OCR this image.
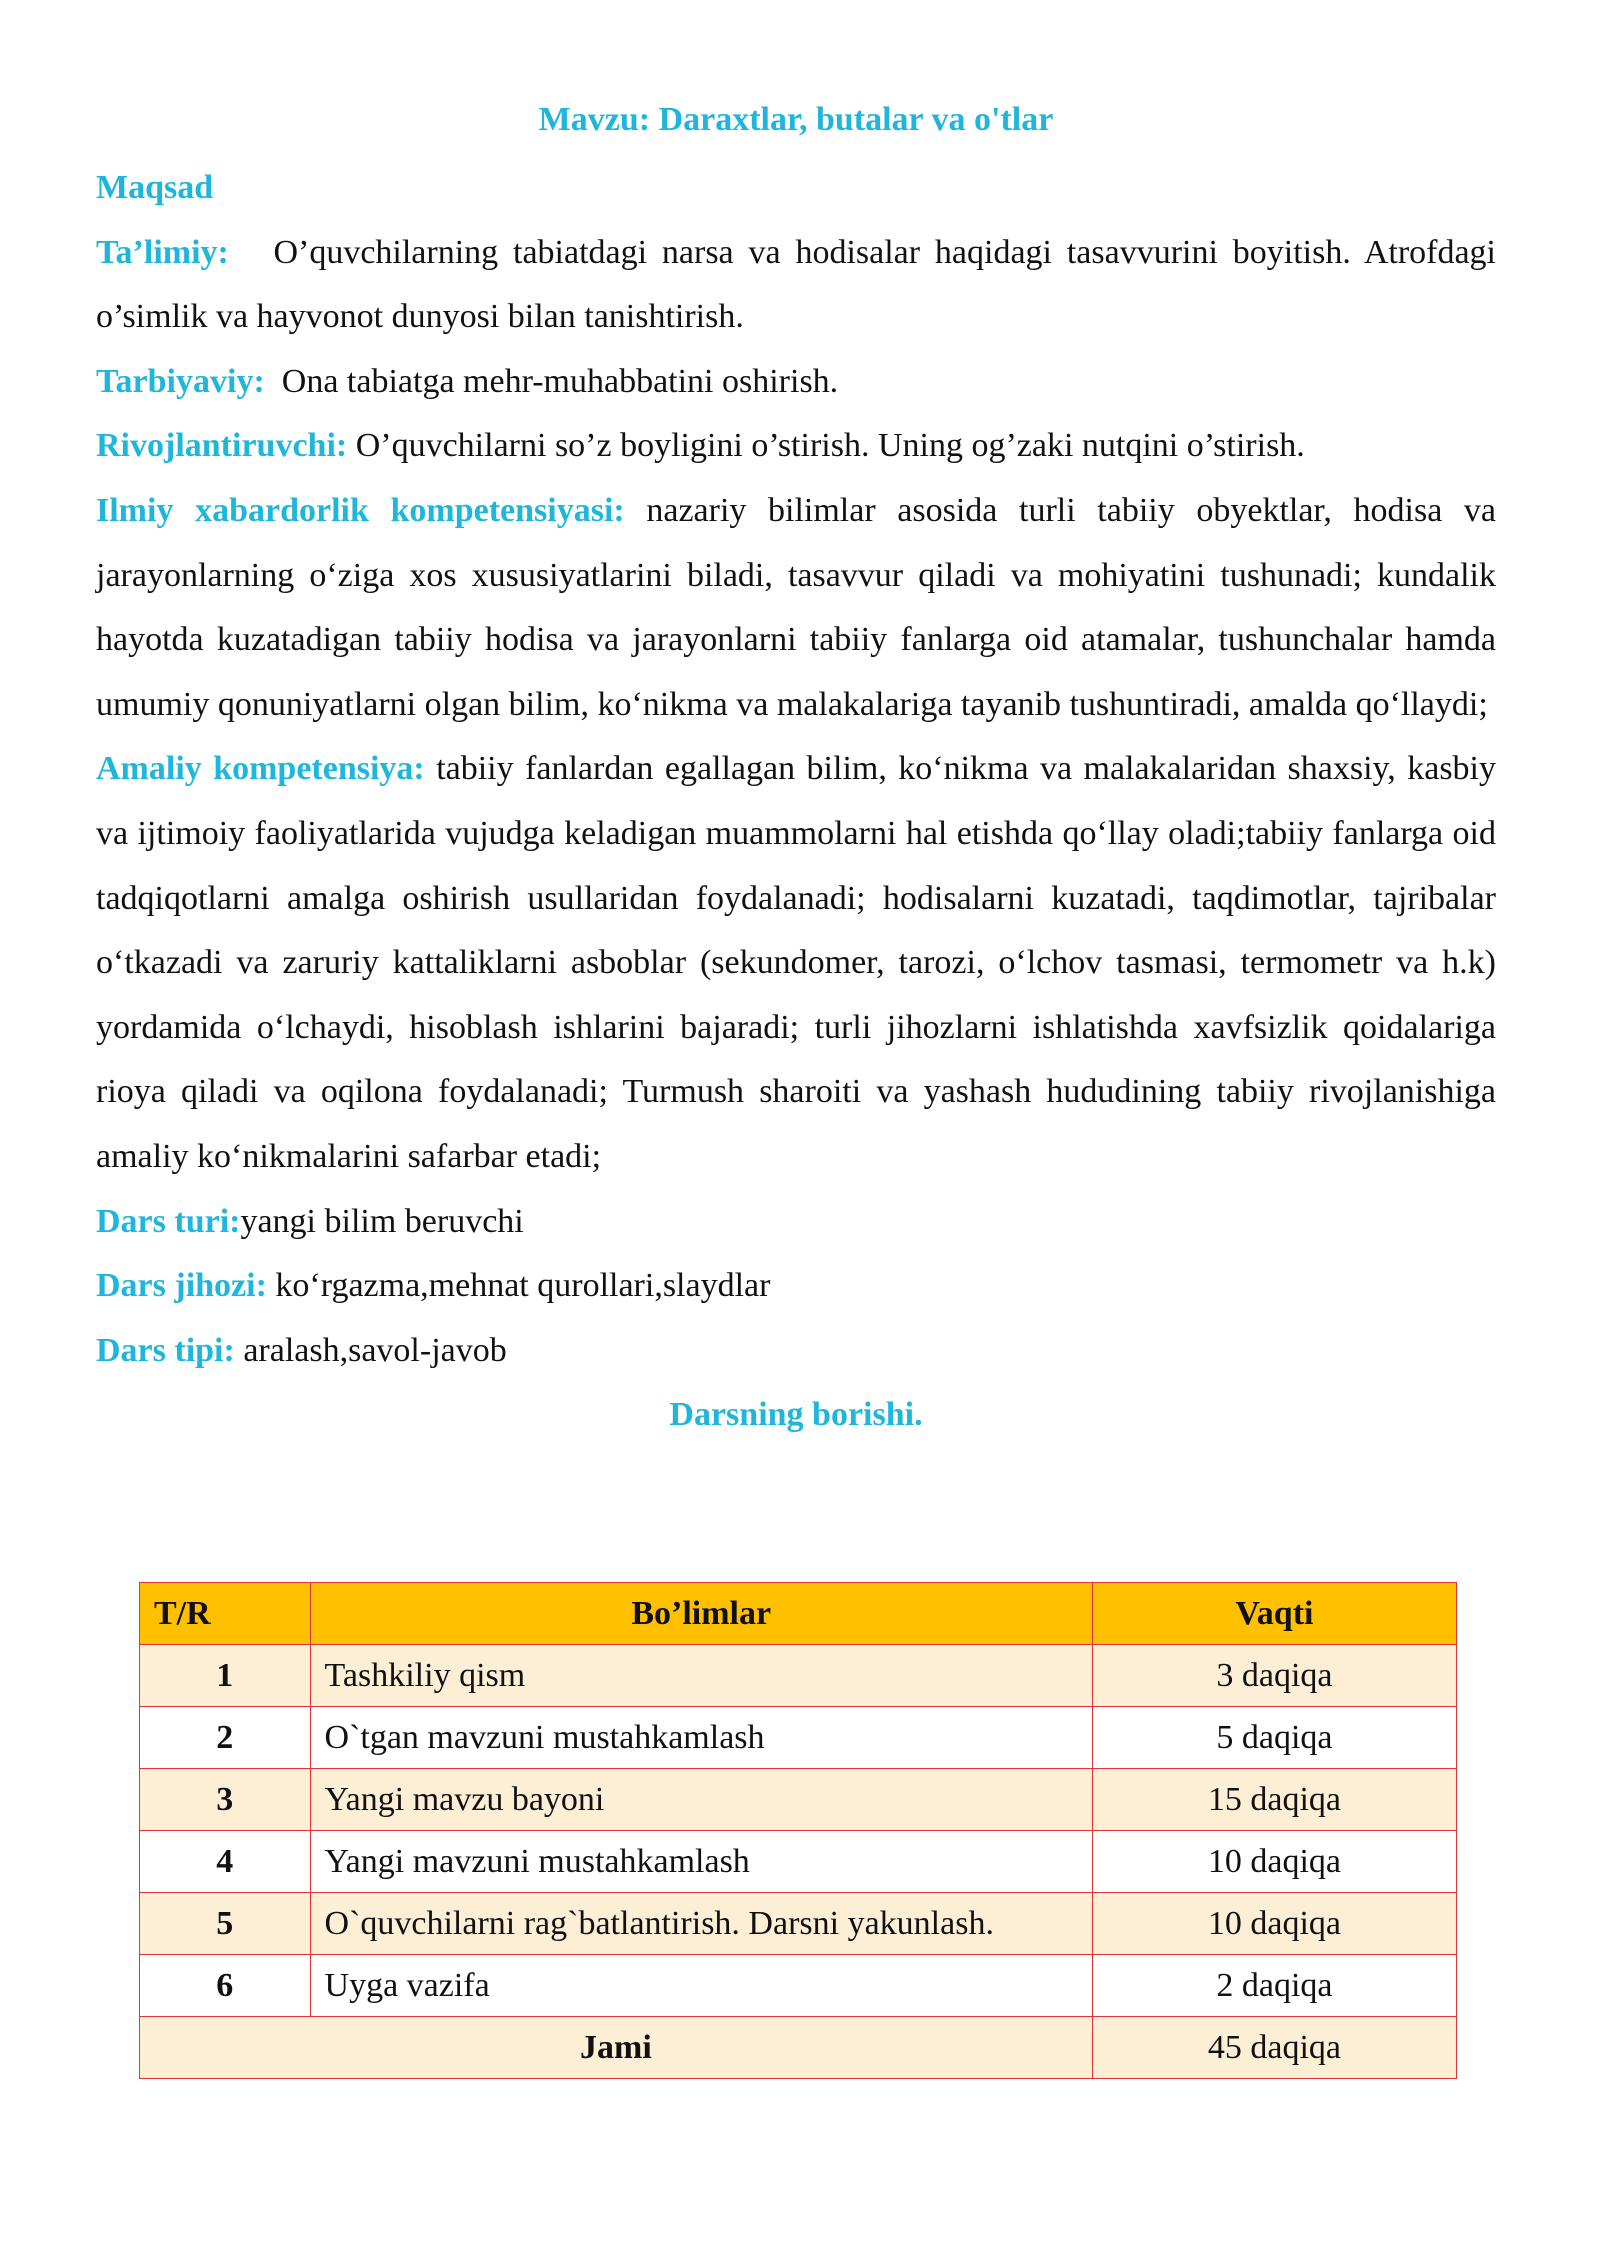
Mavzu: Daraxtlar, butalar va o'tlar
Maqsad
Ta’limiy: O’quvchilarning tabiatdagi narsa va hodisalar haqidagi tasavvurini boyitish. Atrofdagi o’simlik va hayvonot dunyosi bilan tanishtirish.
Tarbiyaviy: Ona tabiatga mehr-muhabbatini oshirish.
Rivojlantiruvchi: O’quvchilarni so’z boyligini o’stirish. Uning og’zaki nutqini o’stirish.
Ilmiy xabardorlik kompetensiyasi: nazariy bilimlar asosida turli tabiiy obyektlar, hodisa va jarayonlarning o‘ziga xos xususiyatlarini biladi, tasavvur qiladi va mohiyatini tushunadi; kundalik hayotda kuzatadigan tabiiy hodisa va jarayonlarni tabiiy fanlarga oid atamalar, tushunchalar hamda umumiy qonuniyatlarni olgan bilim, ko‘nikma va malakalariga tayanib tushuntiradi, amalda qo‘llaydi;
Amaliy kompetensiya: tabiiy fanlardan egallagan bilim, ko‘nikma va malakalaridan shaxsiy, kasbiy va ijtimoiy faoliyatlarida vujudga keladigan muammolarni hal etishda qo‘llay oladi;tabiiy fanlarga oid tadqiqotlarni amalga oshirish usullaridan foydalanadi; hodisalarni kuzatadi, taqdimotlar, tajribalar o‘tkazadi va zaruriy kattaliklarni asboblar (sekundomer, tarozi, o‘lchov tasmasi, termometr va h.k) yordamida o‘lchaydi, hisoblash ishlarini bajaradi; turli jihozlarni ishlatishda xavfsizlik qoidalariga rioya qiladi va oqilona foydalanadi; Turmush sharoiti va yashash hududining tabiiy rivojlanishiga amaliy ko‘nikmalarini safarbar etadi;
Dars turi:yangi bilim beruvchi
Dars jihozi: ko‘rgazma,mehnat qurollari,slaydlar
Dars tipi: aralash,savol-javob
Darsning borishi.
T/R	Bo’limlar	Vaqti
1	Tashkiliy qism	3 daqiqa
2	O`tgan mavzuni mustahkamlash	5 daqiqa
3	Yangi mavzu bayoni	15 daqiqa
4	Yangi mavzuni mustahkamlash	10 daqiqa
5	O`quvchilarni rag`batlantirish. Darsni yakunlash.	10 daqiqa
6	Uyga vazifa	2 daqiqa
Jami		45 daqiqa
